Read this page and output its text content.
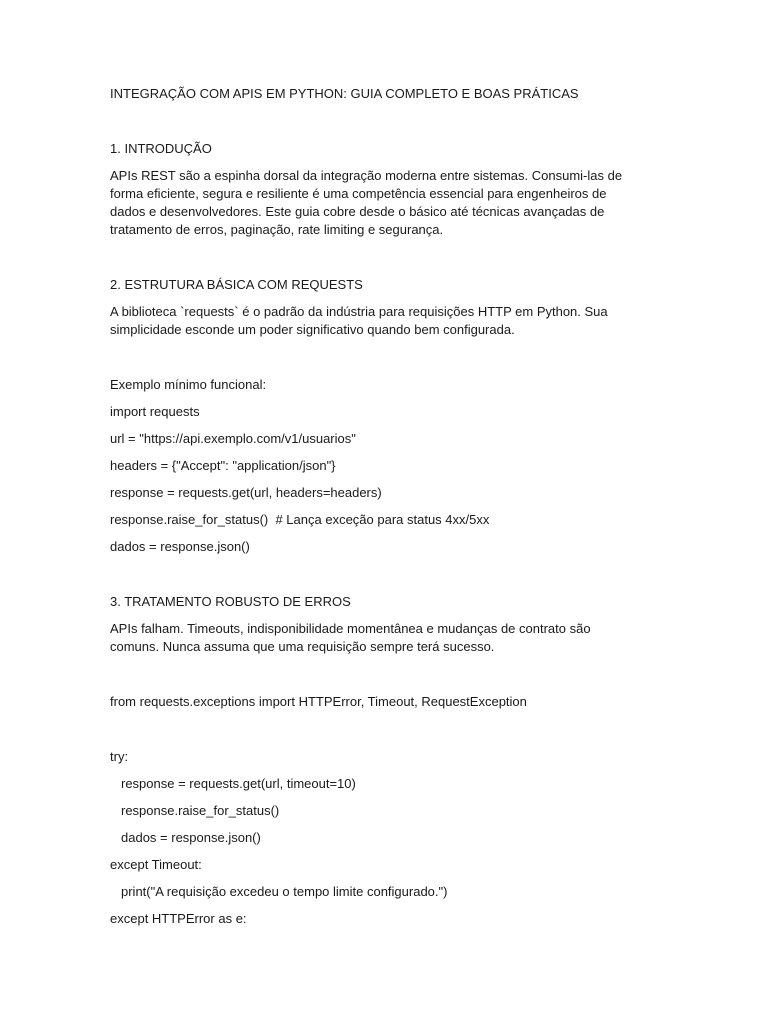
INTEGRAÇÃO COM APIS EM PYTHON: GUIA COMPLETO E BOAS PRÁTICAS
1. INTRODUÇÃO
APIs REST são a espinha dorsal da integração moderna entre sistemas. Consumi-las de
forma eficiente, segura e resiliente é uma competência essencial para engenheiros de
dados e desenvolvedores. Este guia cobre desde o básico até técnicas avançadas de
tratamento de erros, paginação, rate limiting e segurança.
2. ESTRUTURA BÁSICA COM REQUESTS
A biblioteca `requests` é o padrão da indústria para requisições HTTP em Python. Sua
simplicidade esconde um poder significativo quando bem configurada.
Exemplo mínimo funcional:
import requests
url = "https://api.exemplo.com/v1/usuarios"
headers = {"Accept": "application/json"}
response = requests.get(url, headers=headers)
response.raise_for_status()  # Lança exceção para status 4xx/5xx
dados = response.json()
3. TRATAMENTO ROBUSTO DE ERROS
APIs falham. Timeouts, indisponibilidade momentânea e mudanças de contrato são
comuns. Nunca assuma que uma requisição sempre terá sucesso.
from requests.exceptions import HTTPError, Timeout, RequestException
try:
response = requests.get(url, timeout=10)
response.raise_for_status()
dados = response.json()
except Timeout:
print("A requisição excedeu o tempo limite configurado.")
except HTTPError as e:
